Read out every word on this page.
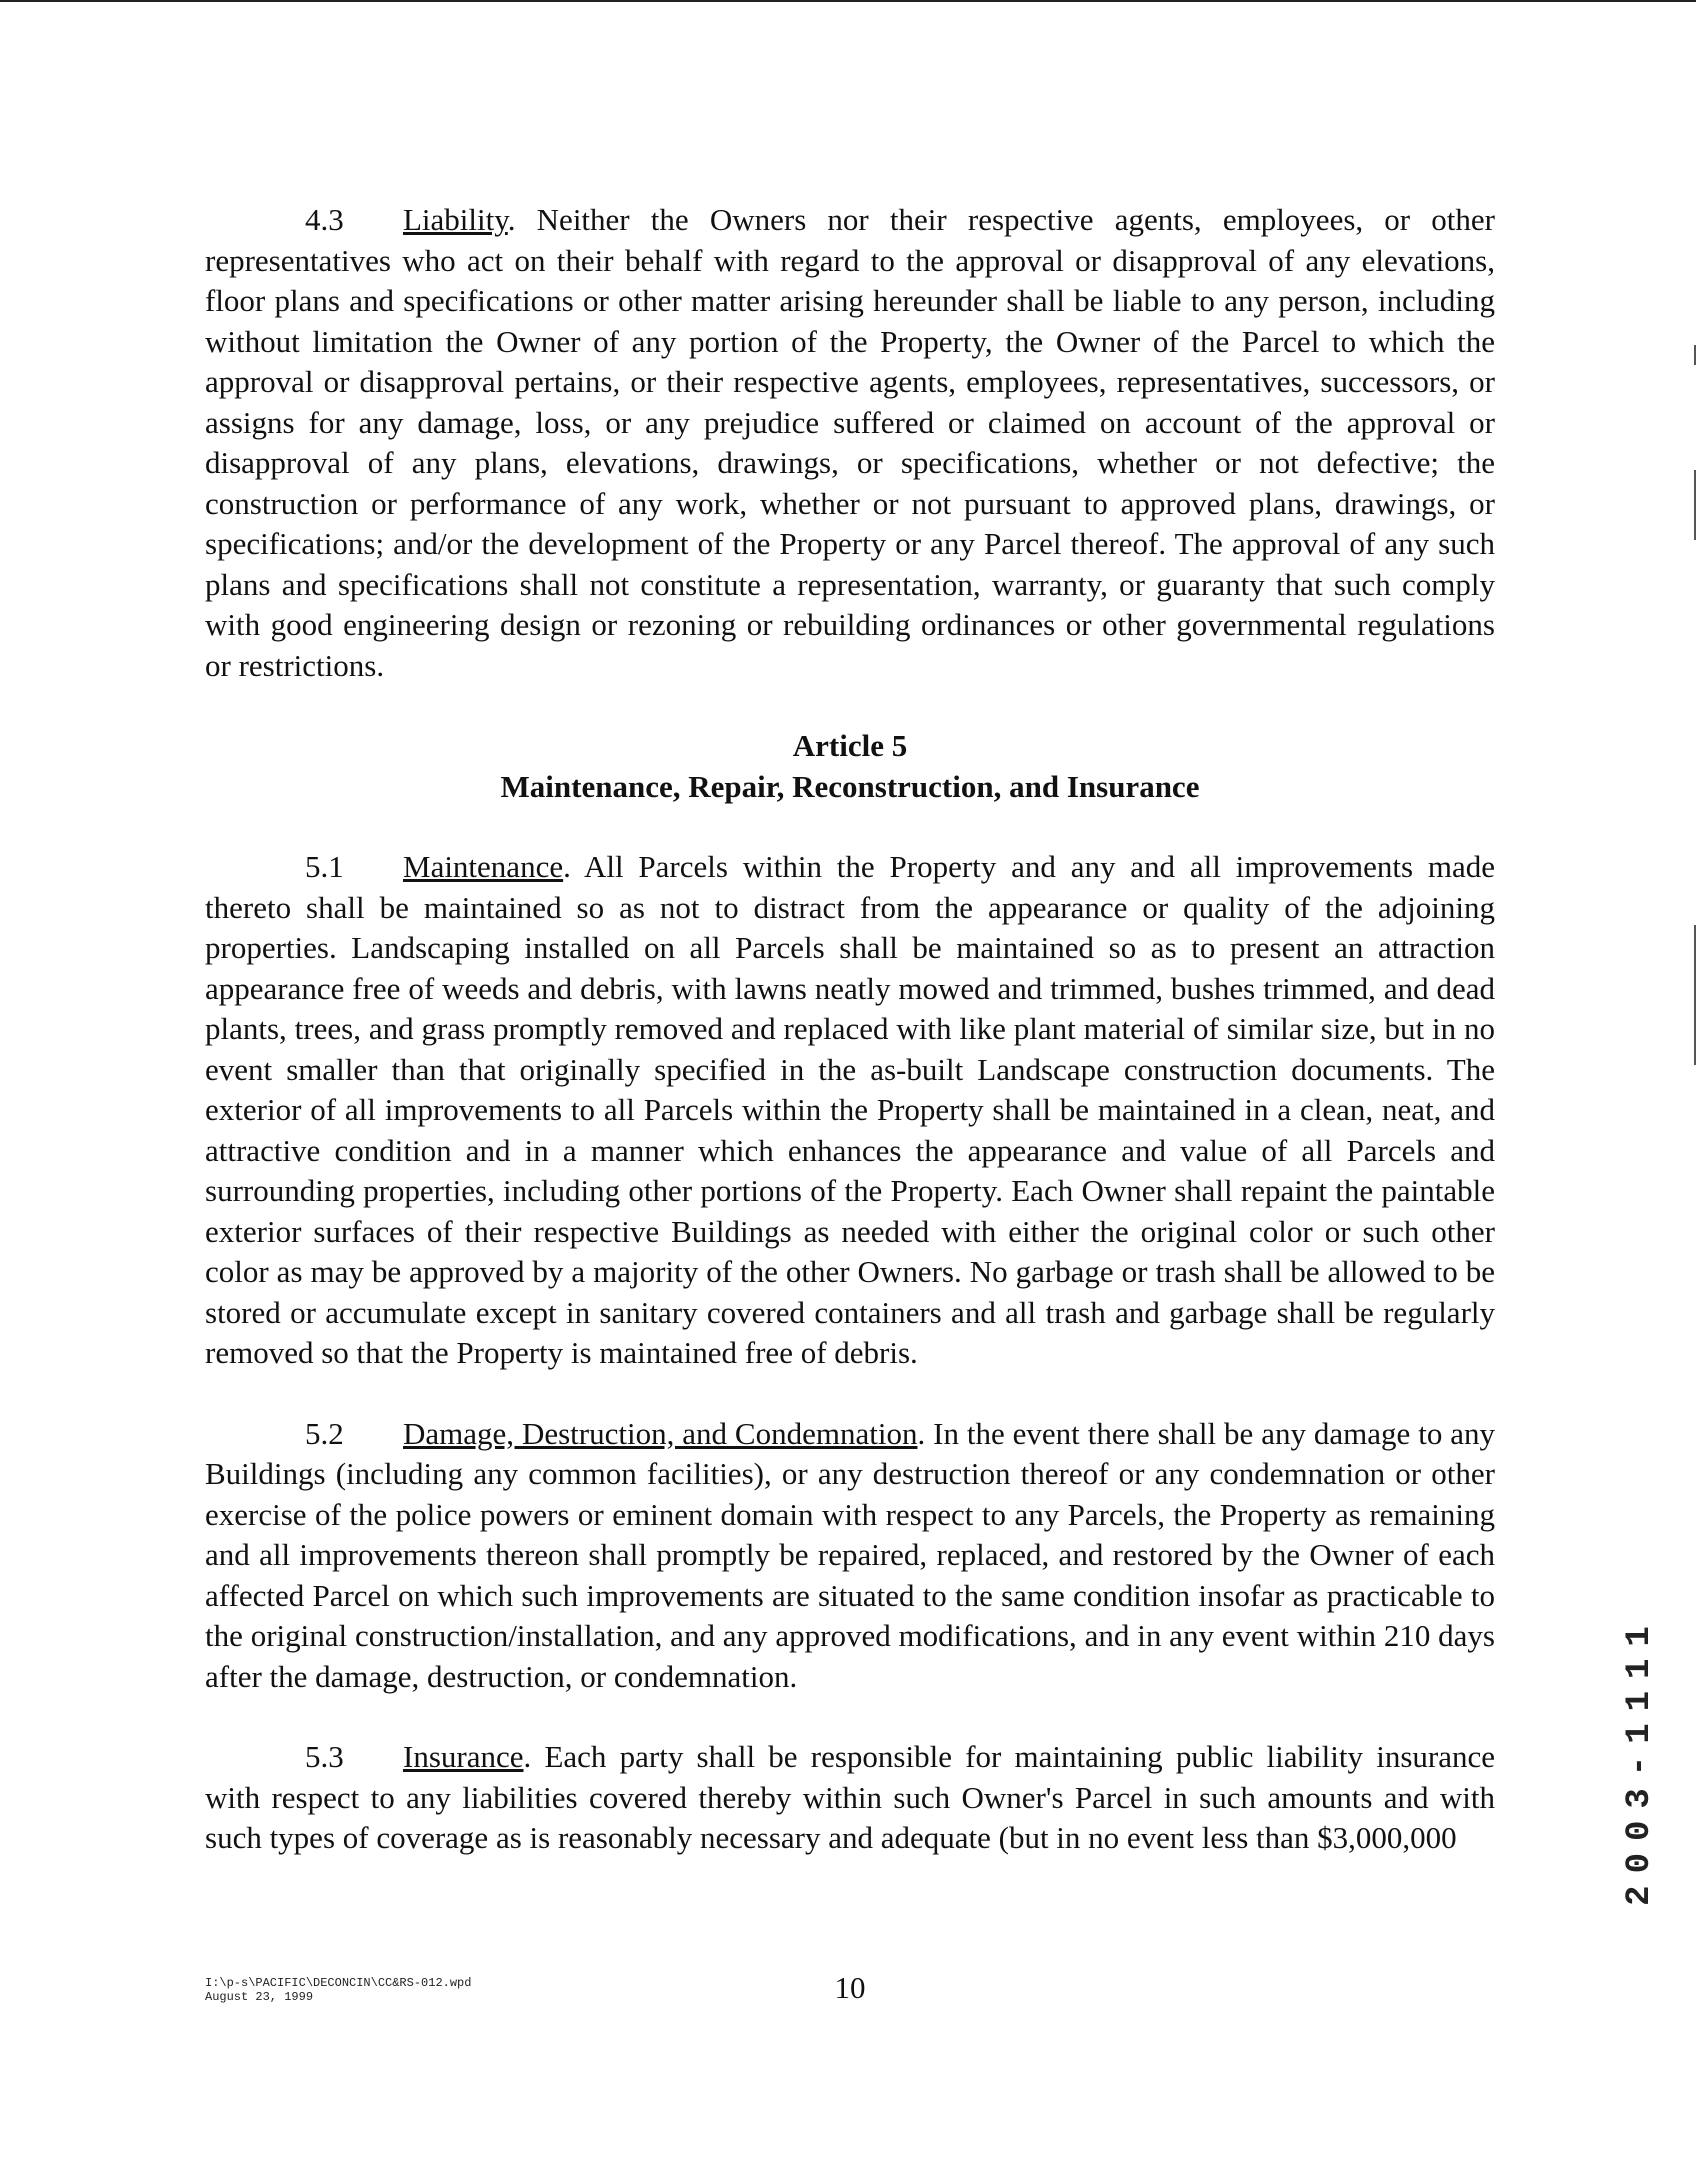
4.3 Liability. Neither the Owners nor their respective agents, employees, or other representatives who act on their behalf with regard to the approval or disapproval of any elevations, floor plans and specifications or other matter arising hereunder shall be liable to any person, including without limitation the Owner of any portion of the Property, the Owner of the Parcel to which the approval or disapproval pertains, or their respective agents, employees, representatives, successors, or assigns for any damage, loss, or any prejudice suffered or claimed on account of the approval or disapproval of any plans, elevations, drawings, or specifications, whether or not defective; the construction or performance of any work, whether or not pursuant to approved plans, drawings, or specifications; and/or the development of the Property or any Parcel thereof. The approval of any such plans and specifications shall not constitute a representation, warranty, or guaranty that such comply with good engineering design or rezoning or rebuilding ordinances or other governmental regulations or restrictions.

Article 5

Maintenance, Repair, Reconstruction, and Insurance

5.1 Maintenance. All Parcels within the Property and any and all improvements made thereto shall be maintained so as not to distract from the appearance or quality of the adjoining properties. Landscaping installed on all Parcels shall be maintained so as to present an attraction appearance free of weeds and debris, with lawns neatly mowed and trimmed, bushes trimmed, and dead plants, trees, and grass promptly removed and replaced with like plant material of similar size, but in no event smaller than that originally specified in the as-built Landscape construction documents. The exterior of all improvements to all Parcels within the Property shall be maintained in a clean, neat, and attractive condition and in a manner which enhances the appearance and value of all Parcels and surrounding properties, including other portions of the Property. Each Owner shall repaint the paintable exterior surfaces of their respective Buildings as needed with either the original color or such other color as may be approved by a majority of the other Owners. No garbage or trash shall be allowed to be stored or accumulate except in sanitary covered containers and all trash and garbage shall be regularly removed so that the Property is maintained free of debris.

5.2 Damage, Destruction, and Condemnation. In the event there shall be any damage to any Buildings (including any common facilities), or any destruction thereof or any condemnation or other exercise of the police powers or eminent domain with respect to any Parcels, the Property as remaining and all improvements thereon shall promptly be repaired, replaced, and restored by the Owner of each affected Parcel on which such improvements are situated to the same condition insofar as practicable to the original construction/installation, and any approved modifications, and in any event within 210 days after the damage, destruction, or condemnation.

5.3 Insurance. Each party shall be responsible for maintaining public liability insurance with respect to any liabilities covered thereby within such Owner's Parcel in such amounts and with such types of coverage as is reasonably necessary and adequate (but in no event less than $3,000,000

I:\p-s\PACIFIC\DECONCIN\CC&RS-012.wpd
August 23, 1999	10
2003-1111
